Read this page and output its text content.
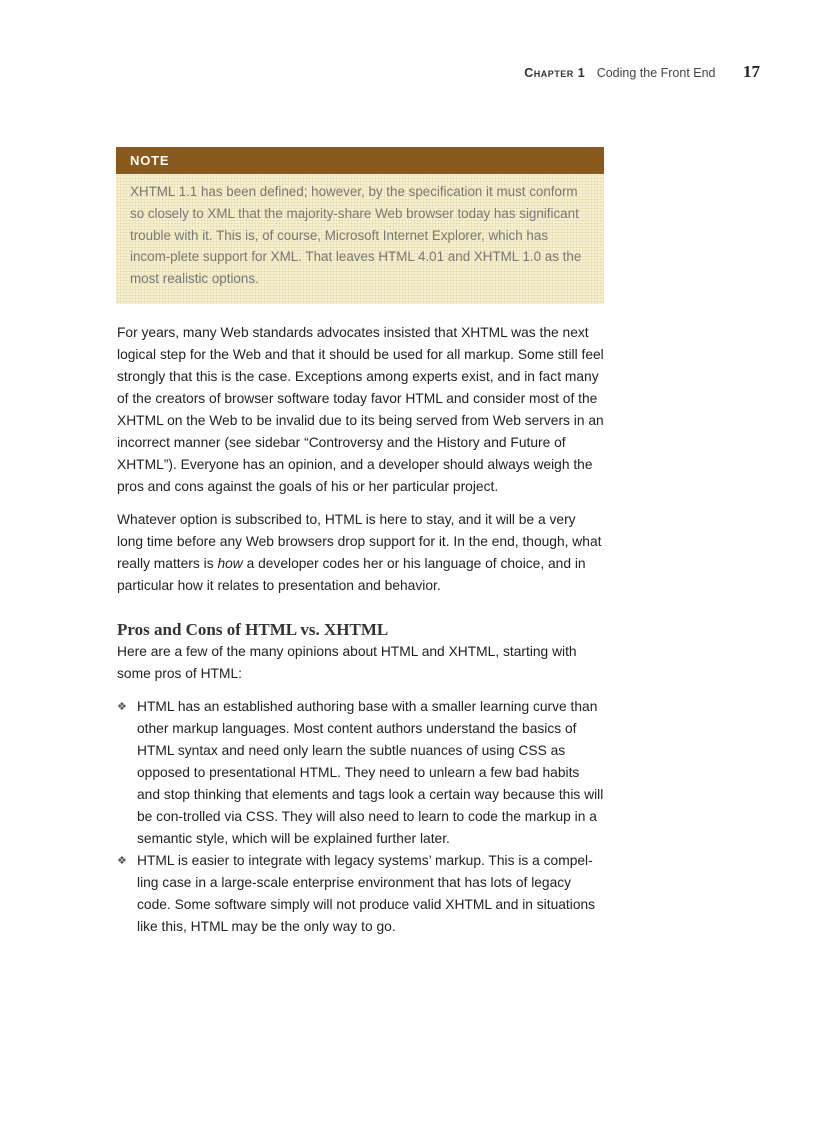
Chapter 1 Coding the Front End 17
NOTE
XHTML 1.1 has been defined; however, by the specification it must conform so closely to XML that the majority-share Web browser today has significant trouble with it. This is, of course, Microsoft Internet Explorer, which has incom-plete support for XML. That leaves HTML 4.01 and XHTML 1.0 as the most realistic options.

For years, many Web standards advocates insisted that XHTML was the next logical step for the Web and that it should be used for all markup. Some still feel strongly that this is the case. Exceptions among experts exist, and in fact many of the creators of browser software today favor HTML and consider most of the XHTML on the Web to be invalid due to its being served from Web servers in an incorrect manner (see sidebar “Controversy and the History and Future of XHTML”). Everyone has an opinion, and a developer should always weigh the pros and cons against the goals of his or her particular project.

Whatever option is subscribed to, HTML is here to stay, and it will be a very long time before any Web browsers drop support for it. In the end, though, what really matters is how a developer codes her or his language of choice, and in particular how it relates to presentation and behavior.

Pros and Cons of HTML vs. XHTML

Here are a few of the many opinions about HTML and XHTML, starting with some pros of HTML:

❖ HTML has an established authoring base with a smaller learning curve than other markup languages. Most content authors understand the basics of HTML syntax and need only learn the subtle nuances of using CSS as opposed to presentational HTML. They need to unlearn a few bad habits and stop thinking that elements and tags look a certain way because this will be con-trolled via CSS. They will also need to learn to code the markup in a semantic style, which will be explained further later.
❖ HTML is easier to integrate with legacy systems’ markup. This is a compel-ling case in a large-scale enterprise environment that has lots of legacy code. Some software simply will not produce valid XHTML and in situations like this, HTML may be the only way to go.
